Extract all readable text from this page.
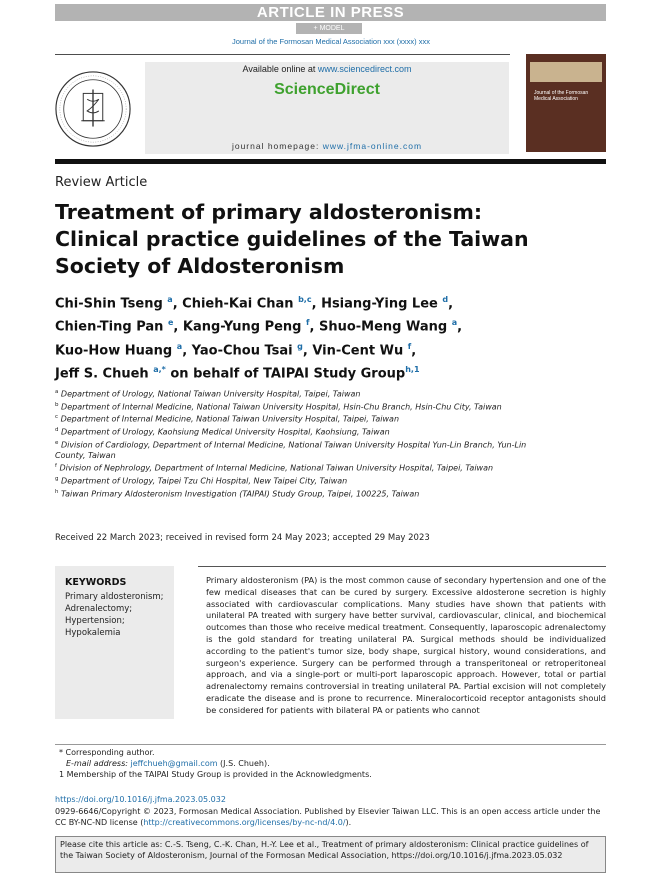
ARTICLE IN PRESS
+ MODEL
Journal of the Formosan Medical Association xxx (xxxx) xxx
Available online at www.sciencedirect.com
ScienceDirect
journal homepage: www.jfma-online.com
Journal of the Formosan Medical Association
Review Article
Treatment of primary aldosteronism:
Clinical practice guidelines of the Taiwan
Society of Aldosteronism
Chi-Shin Tseng $^a$, Chieh-Kai Chan $^{b,c}$, Hsiang-Ying Lee $^d$,
Chien-Ting Pan $^e$, Kang-Yung Peng $^f$, Shuo-Meng Wang $^a$,
Kuo-How Huang $^a$, Yao-Chou Tsai $^g$, Vin-Cent Wu $^f$,
Jeff S. Chueh $^{a,*}$ on behalf of TAIPAI Study Group$^{h,1}$
$^a$ Department of Urology, National Taiwan University Hospital, Taipei, Taiwan
$^b$ Department of Internal Medicine, National Taiwan University Hospital, Hsin-Chu Branch, Hsin-Chu City, Taiwan
$^c$ Department of Internal Medicine, National Taiwan University Hospital, Taipei, Taiwan
$^d$ Department of Urology, Kaohsiung Medical University Hospital, Kaohsiung, Taiwan
$^e$ Division of Cardiology, Department of Internal Medicine, National Taiwan University Hospital Yun-Lin Branch, Yun-Lin County, Taiwan
$^f$ Division of Nephrology, Department of Internal Medicine, National Taiwan University Hospital, Taipei, Taiwan
$^g$ Department of Urology, Taipei Tzu Chi Hospital, New Taipei City, Taiwan
$^h$ Taiwan Primary Aldosteronism Investigation (TAIPAI) Study Group, Taipei, 100225, Taiwan
Received 22 March 2023; received in revised form 24 May 2023; accepted 29 May 2023
KEYWORDS
Primary aldosteronism;
Adrenalectomy;
Hypertension;
Hypokalemia
Primary aldosteronism (PA) is the most common cause of secondary hypertension and one of the few medical diseases that can be cured by surgery. Excessive aldosterone secretion is highly associated with cardiovascular complications. Many studies have shown that patients with unilateral PA treated with surgery have better survival, cardiovascular, clinical, and biochemical outcomes than those who receive medical treatment. Consequently, laparoscopic adrenalectomy is the gold standard for treating unilateral PA. Surgical methods should be individualized according to the patient's tumor size, body shape, surgical history, wound considerations, and surgeon's experience. Surgery can be performed through a transperitoneal or retroperitoneal approach, and via a single-port or multi-port laparoscopic approach. However, total or partial adrenalectomy remains controversial in treating unilateral PA. Partial excision will not completely eradicate the disease and is prone to recurrence. Mineralocorticoid receptor antagonists should be considered for patients with bilateral PA or patients who cannot
* Corresponding author.
E-mail address: jeffchueh@gmail.com (J.S. Chueh).
1 Membership of the TAIPAI Study Group is provided in the Acknowledgments.
https://doi.org/10.1016/j.jfma.2023.05.032
0929-6646/Copyright © 2023, Formosan Medical Association. Published by Elsevier Taiwan LLC. This is an open access article under the CC BY-NC-ND license (http://creativecommons.org/licenses/by-nc-nd/4.0/).
Please cite this article as: C.-S. Tseng, C.-K. Chan, H.-Y. Lee et al., Treatment of primary aldosteronism: Clinical practice guidelines of the Taiwan Society of Aldosteronism, Journal of the Formosan Medical Association, https://doi.org/10.1016/j.jfma.2023.05.032
